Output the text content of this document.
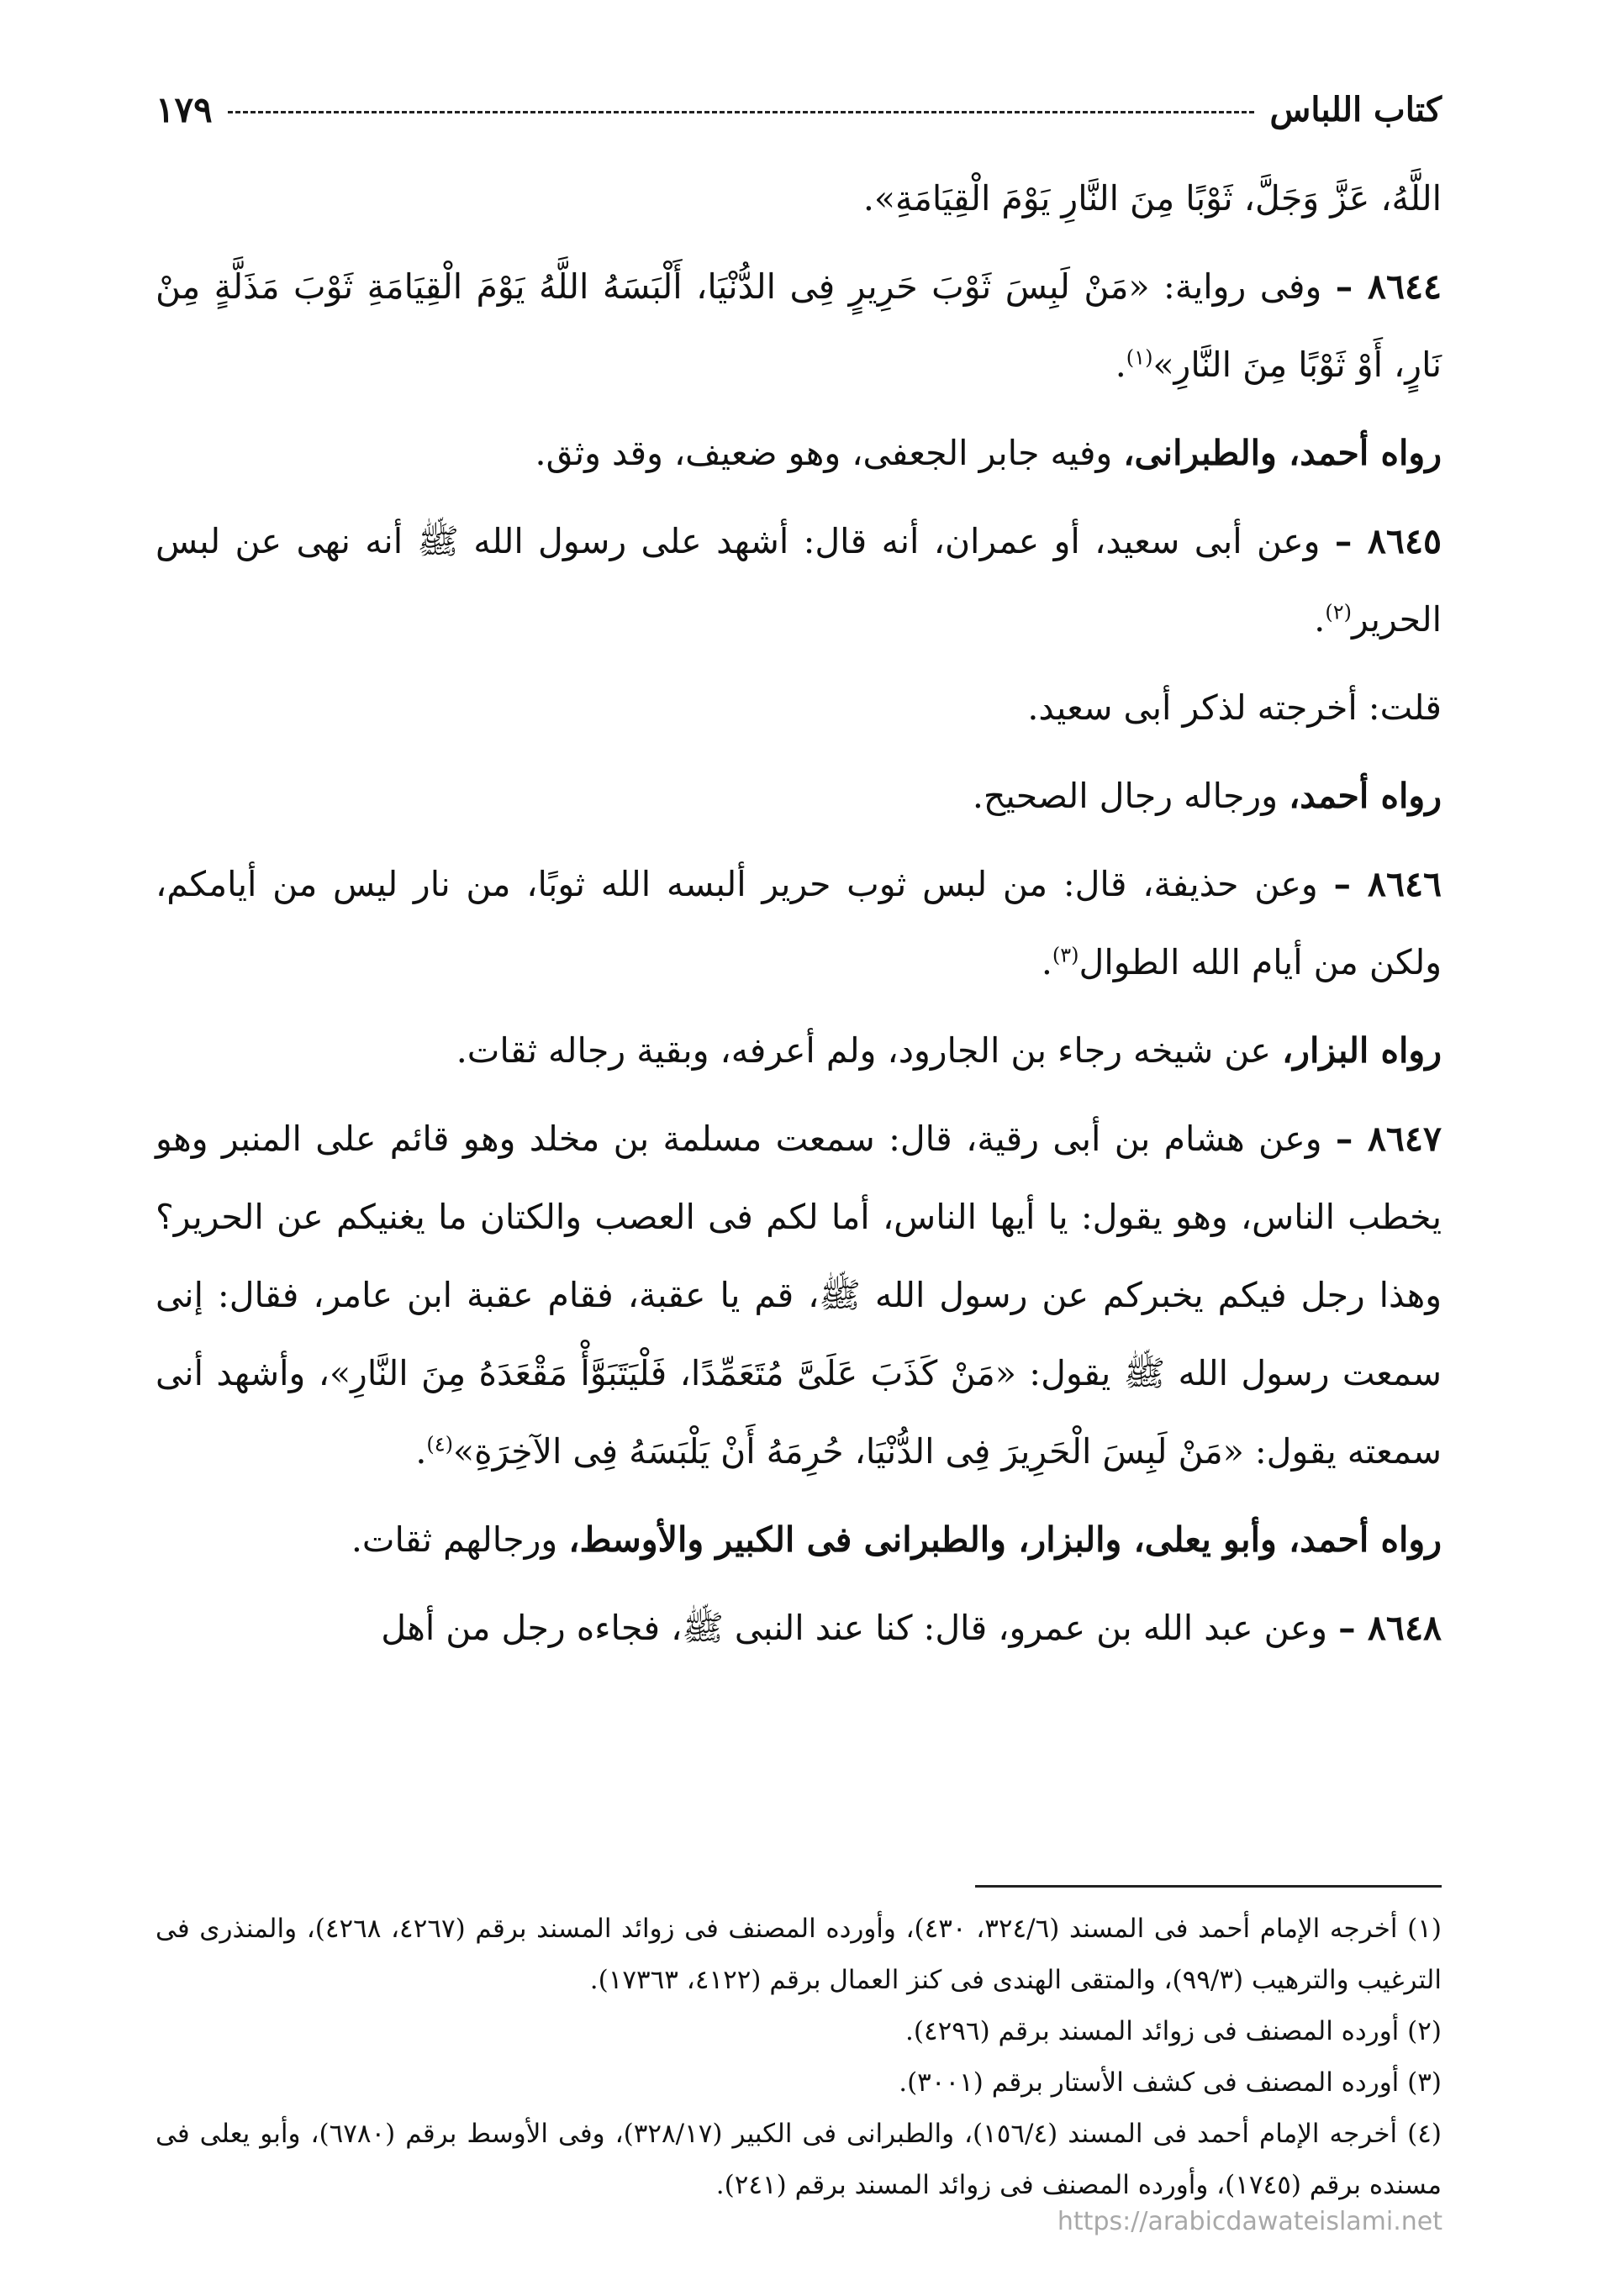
كتاب اللباس
١٧٩

اللَّهُ، عَزَّ وَجَلَّ، ثَوْبًا مِنَ النَّارِ يَوْمَ الْقِيَامَةِ».

٨٦٤٤ – وفى رواية: «مَنْ لَبِسَ ثَوْبَ حَرِيرٍ فِى الدُّنْيَا، أَلْبَسَهُ اللَّهُ يَوْمَ الْقِيَامَةِ ثَوْبَ مَذَلَّةٍ مِنْ نَارٍ، أَوْ ثَوْبًا مِنَ النَّارِ»$^{(١)}$.

رواه أحمد، والطبرانى، وفيه جابر الجعفى، وهو ضعيف، وقد وثق.

٨٦٤٥ – وعن أبى سعيد، أو عمران، أنه قال: أشهد على رسول الله ﷺ أنه نهى عن لبس الحرير$^{(٢)}$.

قلت: أخرجته لذكر أبى سعيد.

رواه أحمد، ورجاله رجال الصحيح.

٨٦٤٦ – وعن حذيفة، قال: من لبس ثوب حرير ألبسه الله ثوبًا، من نار ليس من أيامكم، ولكن من أيام الله الطوال$^{(٣)}$.

رواه البزار، عن شيخه رجاء بن الجارود، ولم أعرفه، وبقية رجاله ثقات.

٨٦٤٧ – وعن هشام بن أبى رقية، قال: سمعت مسلمة بن مخلد وهو قائم على المنبر وهو يخطب الناس، وهو يقول: يا أيها الناس، أما لكم فى العصب والكتان ما يغنيكم عن الحرير؟ وهذا رجل فيكم يخبركم عن رسول الله ﷺ، قم يا عقبة، فقام عقبة ابن عامر، فقال: إنى سمعت رسول الله ﷺ يقول: «مَنْ كَذَبَ عَلَىَّ مُتَعَمِّدًا، فَلْيَتَبَوَّأْ مَقْعَدَهُ مِنَ النَّارِ»، وأشهد أنى سمعته يقول: «مَنْ لَبِسَ الْحَرِيرَ فِى الدُّنْيَا، حُرِمَهُ أَنْ يَلْبَسَهُ فِى الآخِرَةِ»$^{(٤)}$.

رواه أحمد، وأبو يعلى، والبزار، والطبرانى فى الكبير والأوسط، ورجالهم ثقات.

٨٦٤٨ – وعن عبد الله بن عمرو، قال: كنا عند النبى ﷺ، فجاءه رجل من أهل

(١) أخرجه الإمام أحمد فى المسند (٣٢٤/٦، ٤٣٠)، وأورده المصنف فى زوائد المسند برقم (٤٢٦٧، ٤٢٦٨)، والمنذرى فى الترغيب والترهيب (٩٩/٣)، والمتقى الهندى فى كنز العمال برقم (٤١٢٢، ١٧٣٦٣).

(٢) أورده المصنف فى زوائد المسند برقم (٤٢٩٦).

(٣) أورده المصنف فى كشف الأستار برقم (٣٠٠١).

(٤) أخرجه الإمام أحمد فى المسند (١٥٦/٤)، والطبرانى فى الكبير (٣٢٨/١٧)، وفى الأوسط برقم (٦٧٨٠)، وأبو يعلى فى مسنده برقم (١٧٤٥)، وأورده المصنف فى زوائد المسند برقم (٢٤١).

https://arabicdawateislami.net
